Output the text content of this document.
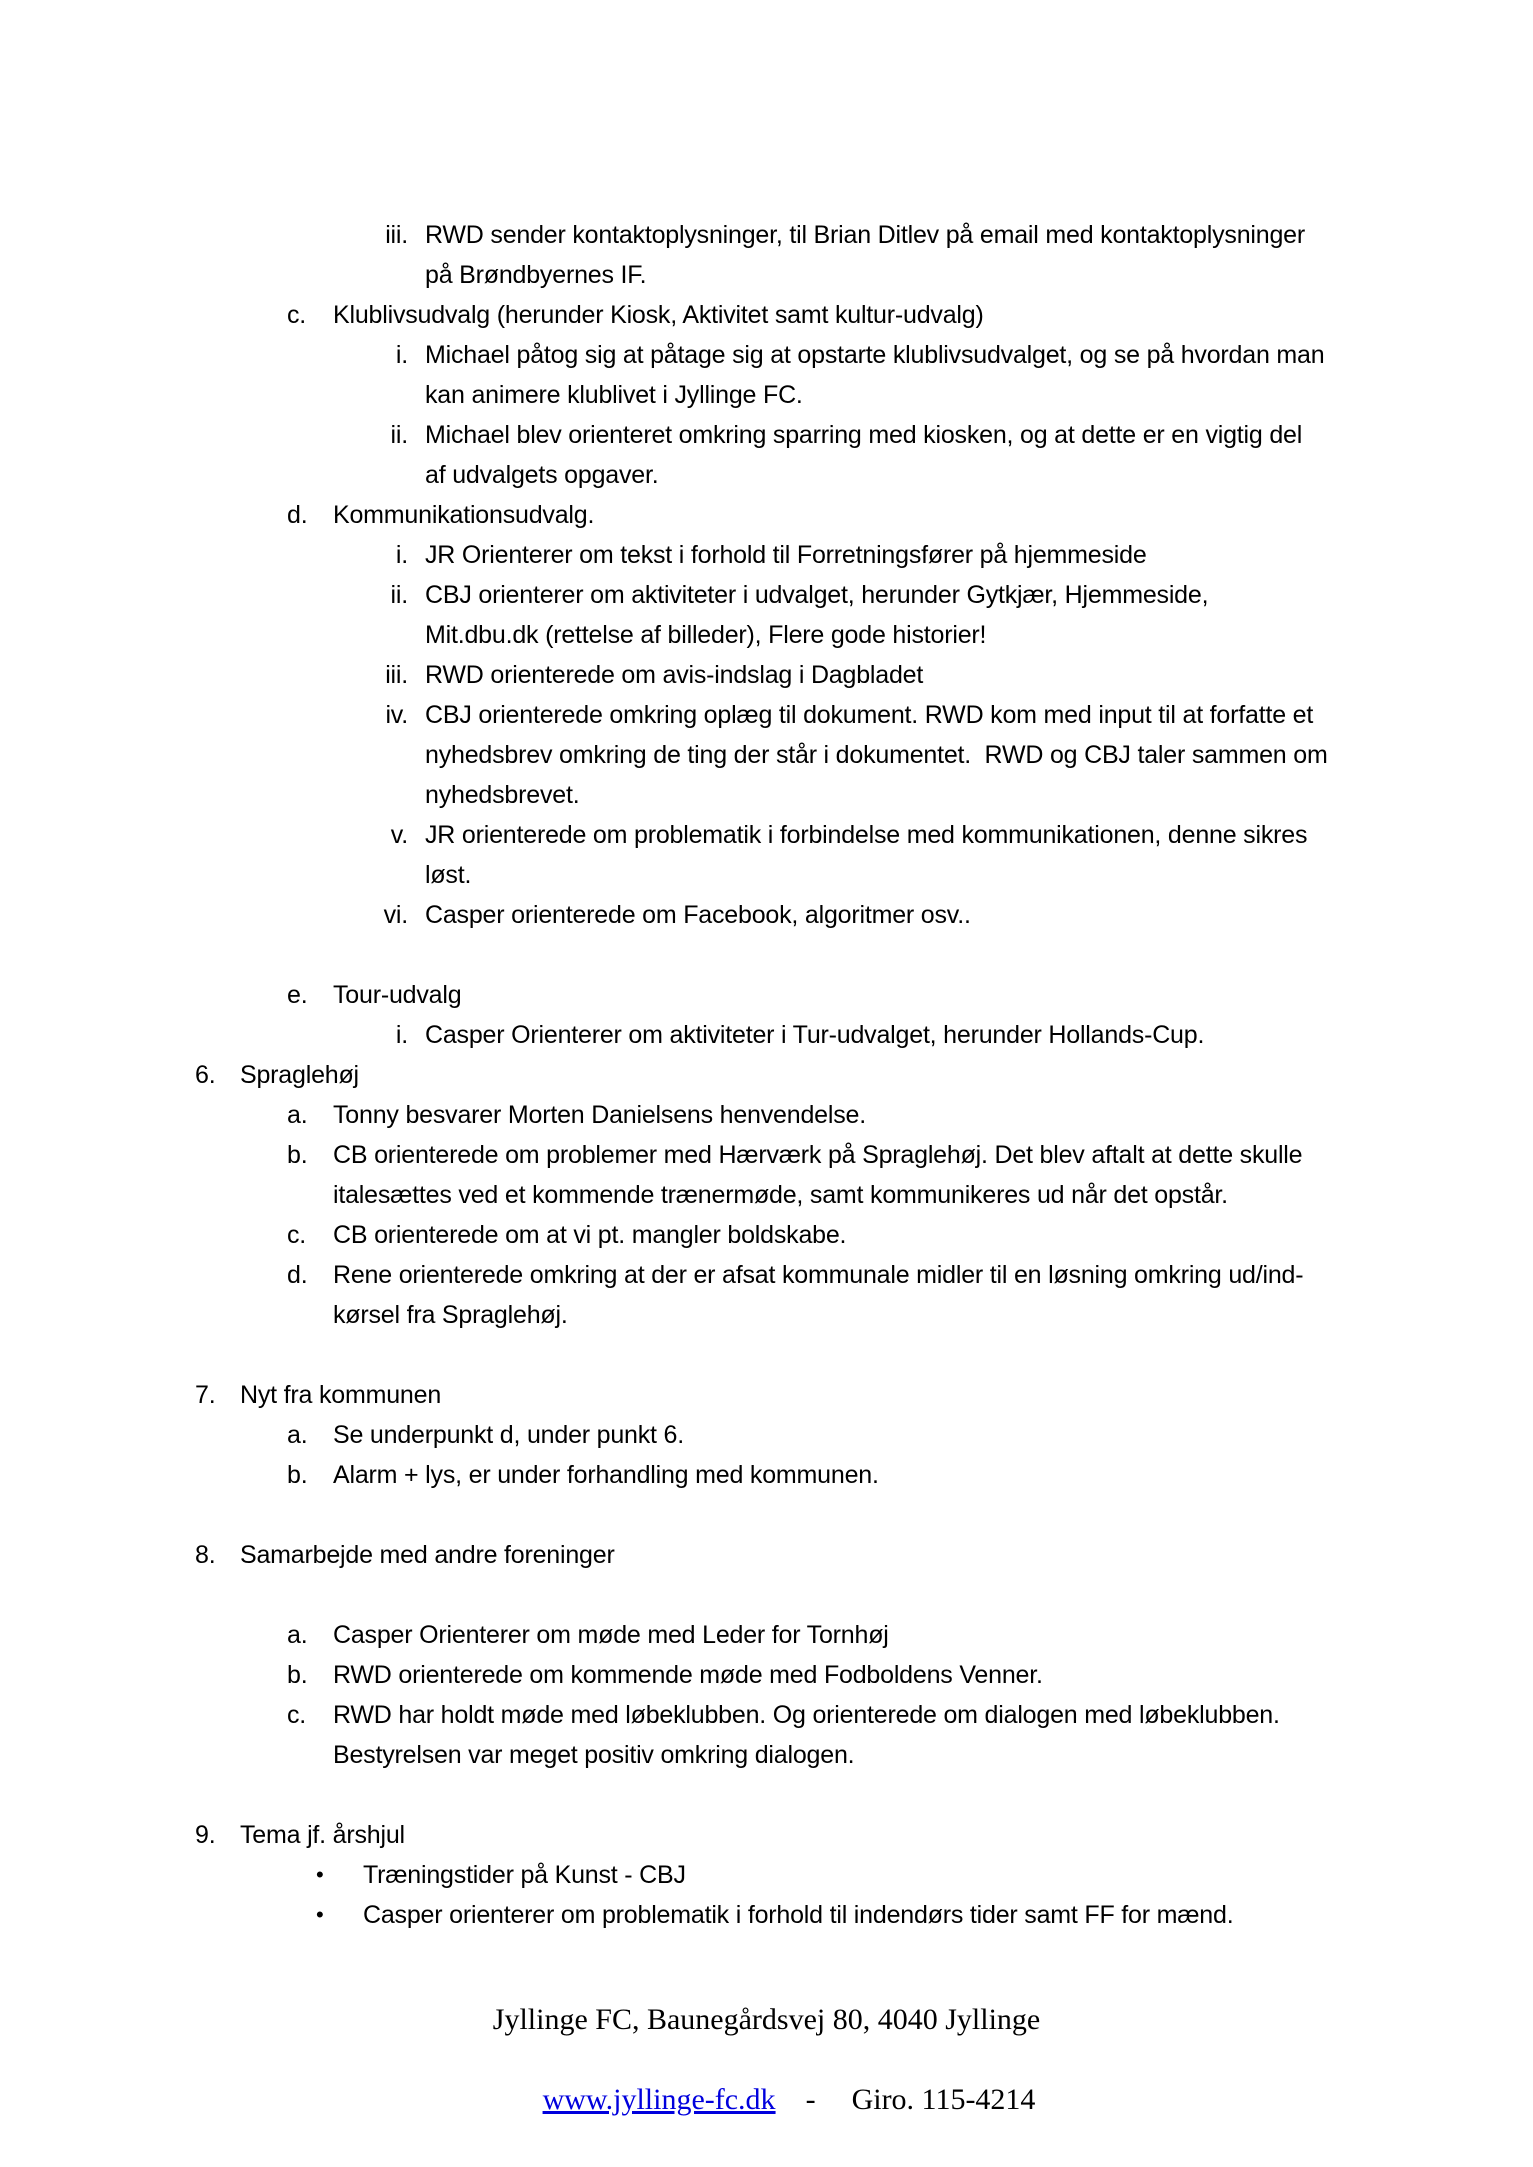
iii. RWD sender kontaktoplysninger, til Brian Ditlev på email med kontaktoplysninger
på Brøndbyernes IF.
c. Klublivsudvalg (herunder Kiosk, Aktivitet samt kultur-udvalg)
i. Michael påtog sig at påtage sig at opstarte klublivsudvalget, og se på hvordan man
kan animere klublivet i Jyllinge FC.
ii. Michael blev orienteret omkring sparring med kiosken, og at dette er en vigtig del
af udvalgets opgaver.
d. Kommunikationsudvalg.
i. JR Orienterer om tekst i forhold til Forretningsfører på hjemmeside
ii. CBJ orienterer om aktiviteter i udvalget, herunder Gytkjær, Hjemmeside,
Mit.dbu.dk (rettelse af billeder), Flere gode historier!
iii. RWD orienterede om avis-indslag i Dagbladet
iv. CBJ orienterede omkring oplæg til dokument. RWD kom med input til at forfatte et
nyhedsbrev omkring de ting der står i dokumentet.  RWD og CBJ taler sammen om
nyhedsbrevet.
v. JR orienterede om problematik i forbindelse med kommunikationen, denne sikres
løst.
vi. Casper orienterede om Facebook, algoritmer osv..
e. Tour-udvalg
i. Casper Orienterer om aktiviteter i Tur-udvalget, herunder Hollands-Cup.
6. Spraglehøj
a. Tonny besvarer Morten Danielsens henvendelse.
b. CB orienterede om problemer med Hærværk på Spraglehøj. Det blev aftalt at dette skulle
italesættes ved et kommende trænermøde, samt kommunikeres ud når det opstår.
c. CB orienterede om at vi pt. mangler boldskabe.
d. Rene orienterede omkring at der er afsat kommunale midler til en løsning omkring ud/ind-
kørsel fra Spraglehøj.
7. Nyt fra kommunen
a. Se underpunkt d, under punkt 6.
b. Alarm + lys, er under forhandling med kommunen.
8. Samarbejde med andre foreninger
a. Casper Orienterer om møde med Leder for Tornhøj
b. RWD orienterede om kommende møde med Fodboldens Venner.
c. RWD har holdt møde med løbeklubben. Og orienterede om dialogen med løbeklubben.
Bestyrelsen var meget positiv omkring dialogen.
9. Tema jf. årshjul
• Træningstider på Kunst - CBJ
• Casper orienterer om problematik i forhold til indendørs tider samt FF for mænd.
Jyllinge FC, Baunegårdsvej 80, 4040 Jyllinge

www.jyllinge-fc.dk - Giro. 115-4214
